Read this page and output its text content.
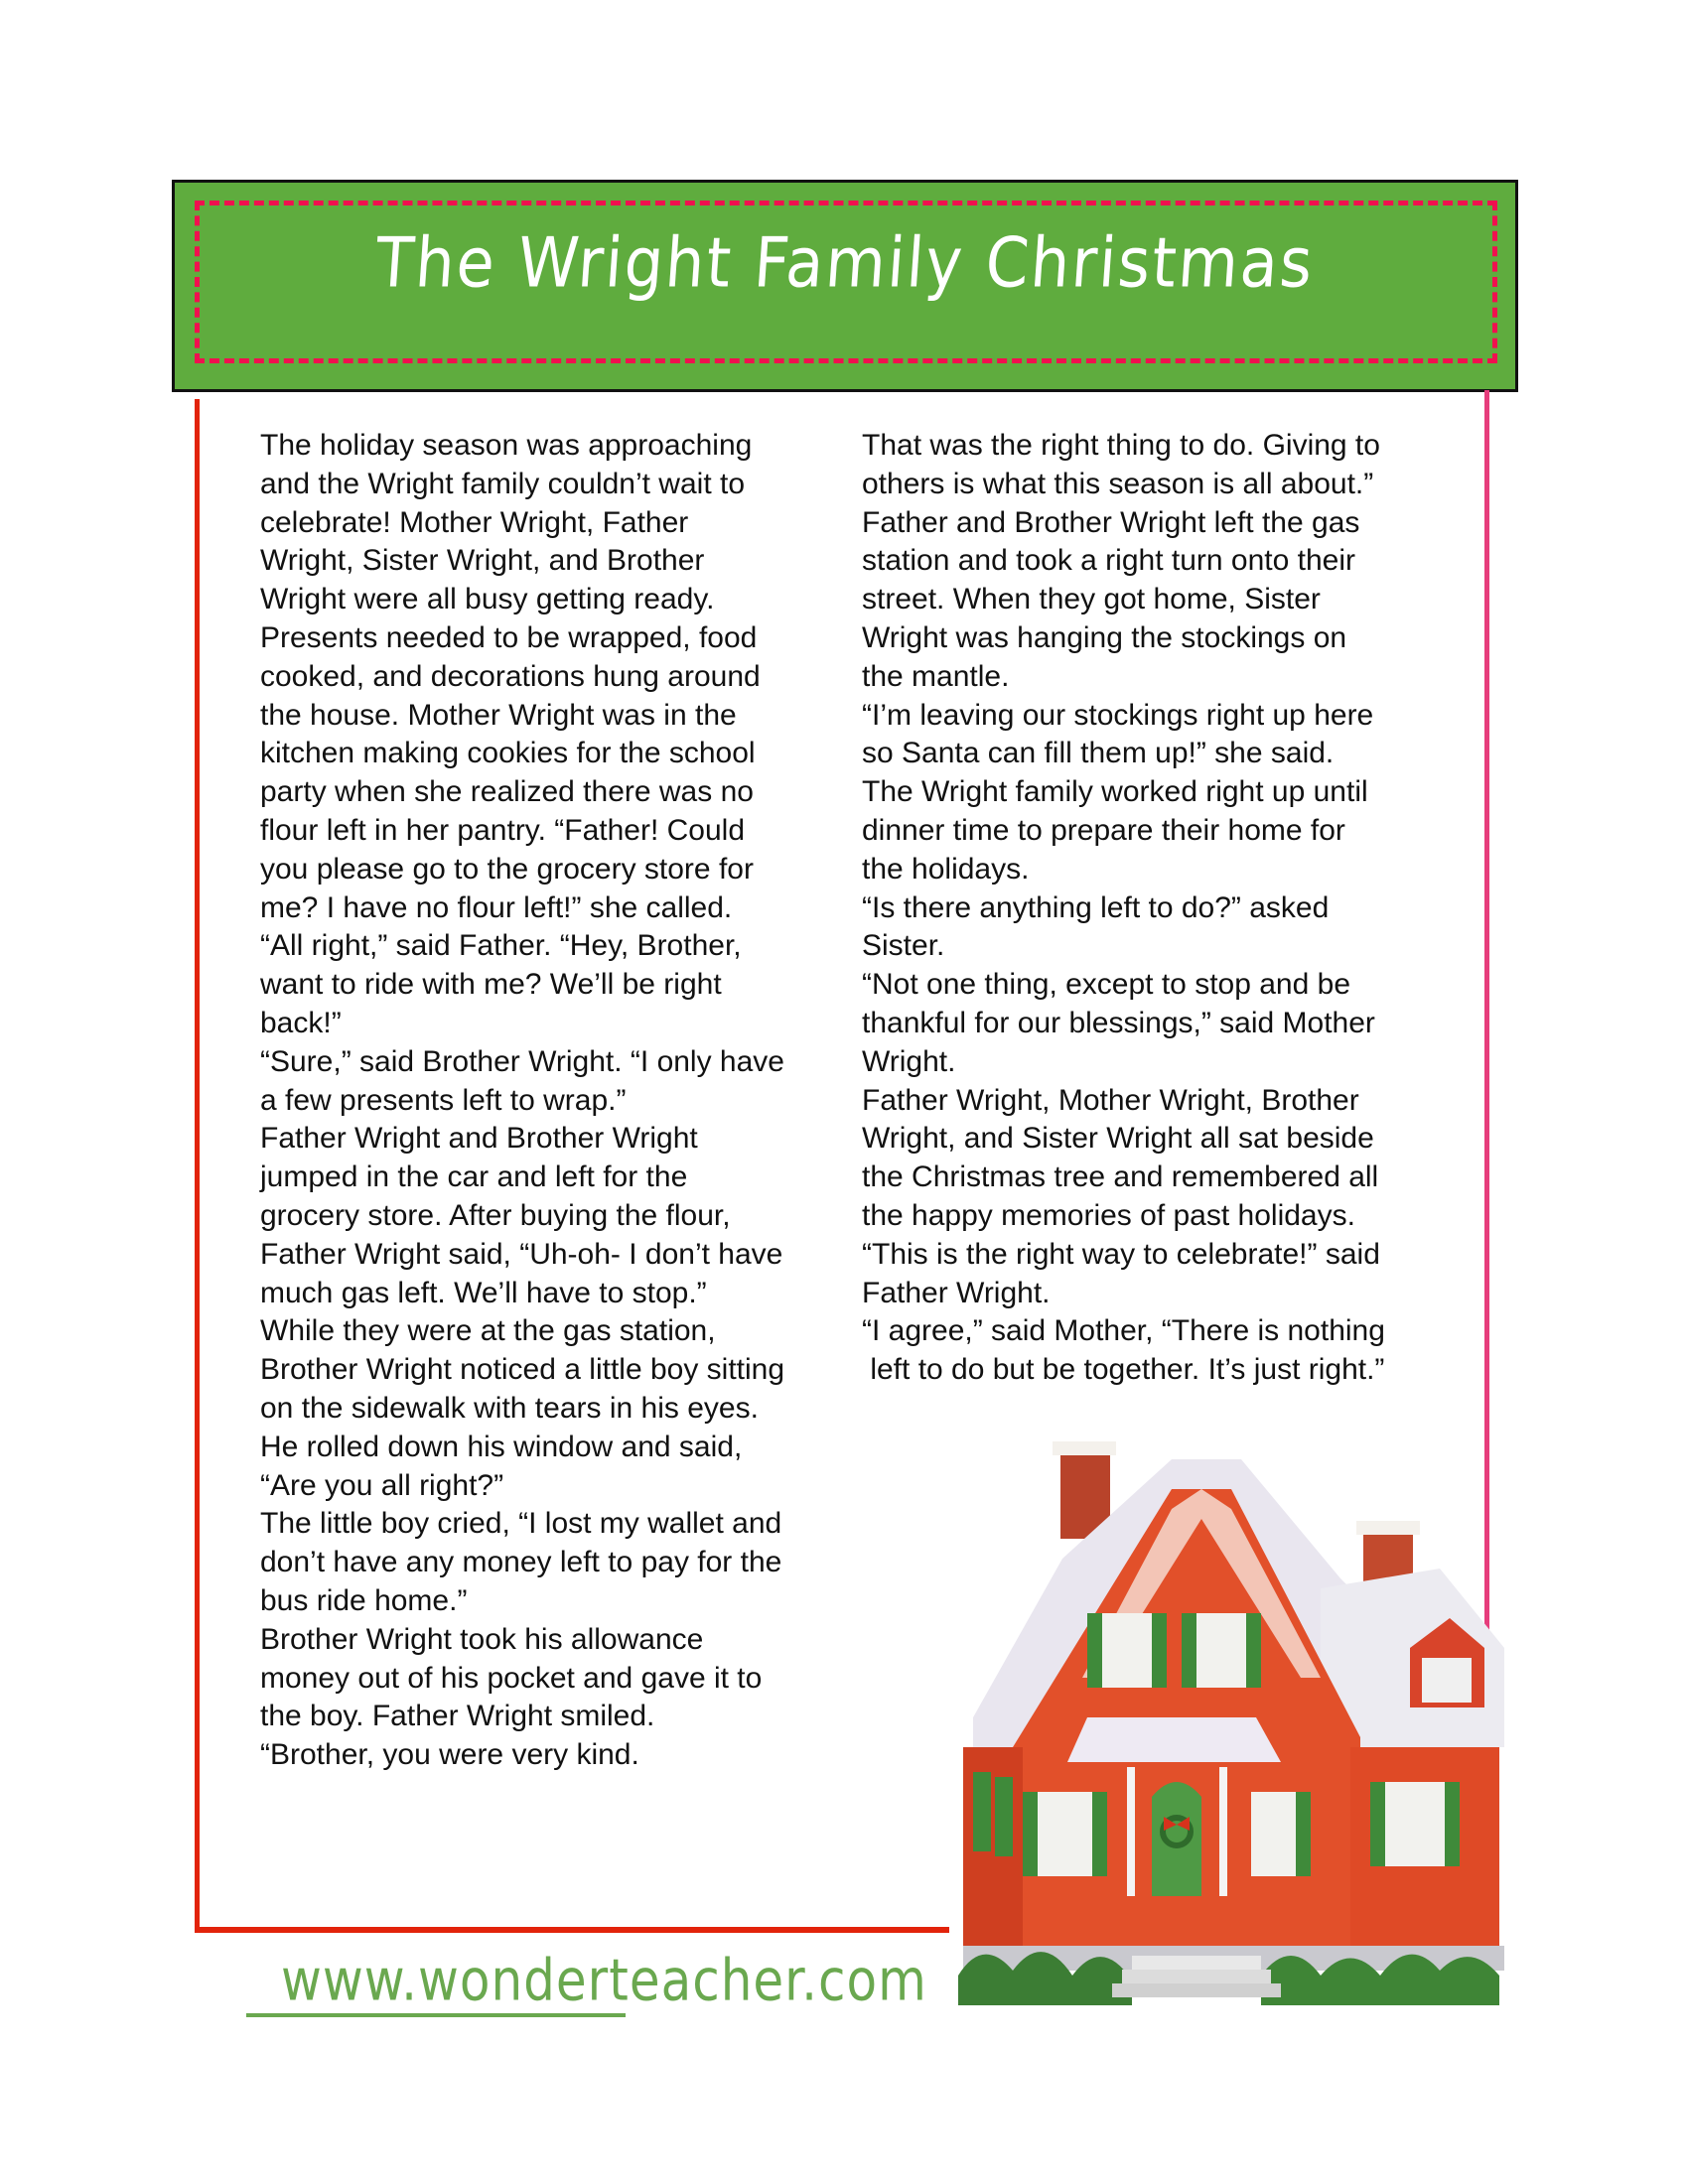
The Wright Family Christmas

The holiday season was approaching

and the Wright family couldn’t wait to

celebrate! Mother Wright, Father

Wright, Sister Wright, and Brother

Wright were all busy getting ready.

Presents needed to be wrapped, food

cooked, and decorations hung around

the house. Mother Wright was in the

kitchen making cookies for the school

party when she realized there was no

flour left in her pantry. “Father! Could

you please go to the grocery store for

me? I have no flour left!” she called.

“All right,” said Father. “Hey, Brother,

want to ride with me? We’ll be right

back!”

“Sure,” said Brother Wright. “I only have

a few presents left to wrap.”

Father Wright and Brother Wright

jumped in the car and left for the

grocery store. After buying the flour,

Father Wright said, “Uh-oh- I don’t have

much gas left. We’ll have to stop.”

While they were at the gas station,

Brother Wright noticed a little boy sitting

on the sidewalk with tears in his eyes.

He rolled down his window and said,

“Are you all right?”

The little boy cried, “I lost my wallet and

don’t have any money left to pay for the

bus ride home.”

Brother Wright took his allowance

money out of his pocket and gave it to

the boy. Father Wright smiled.

“Brother, you were very kind.

That was the right thing to do. Giving to

others is what this season is all about.”

Father and Brother Wright left the gas

station and took a right turn onto their

street. When they got home, Sister

Wright was hanging the stockings on

the mantle.

“I’m leaving our stockings right up here

so Santa can fill them up!” she said.

The Wright family worked right up until

dinner time to prepare their home for

the holidays.

“Is there anything left to do?” asked

Sister.

“Not one thing, except to stop and be

thankful for our blessings,” said Mother

Wright.

Father Wright, Mother Wright, Brother

Wright, and Sister Wright all sat beside

the Christmas tree and remembered all

the happy memories of past holidays.

“This is the right way to celebrate!” said

Father Wright.

“I agree,” said Mother, “There is nothing

left to do but be together. It’s just right.”

www.wonderteacher.com
